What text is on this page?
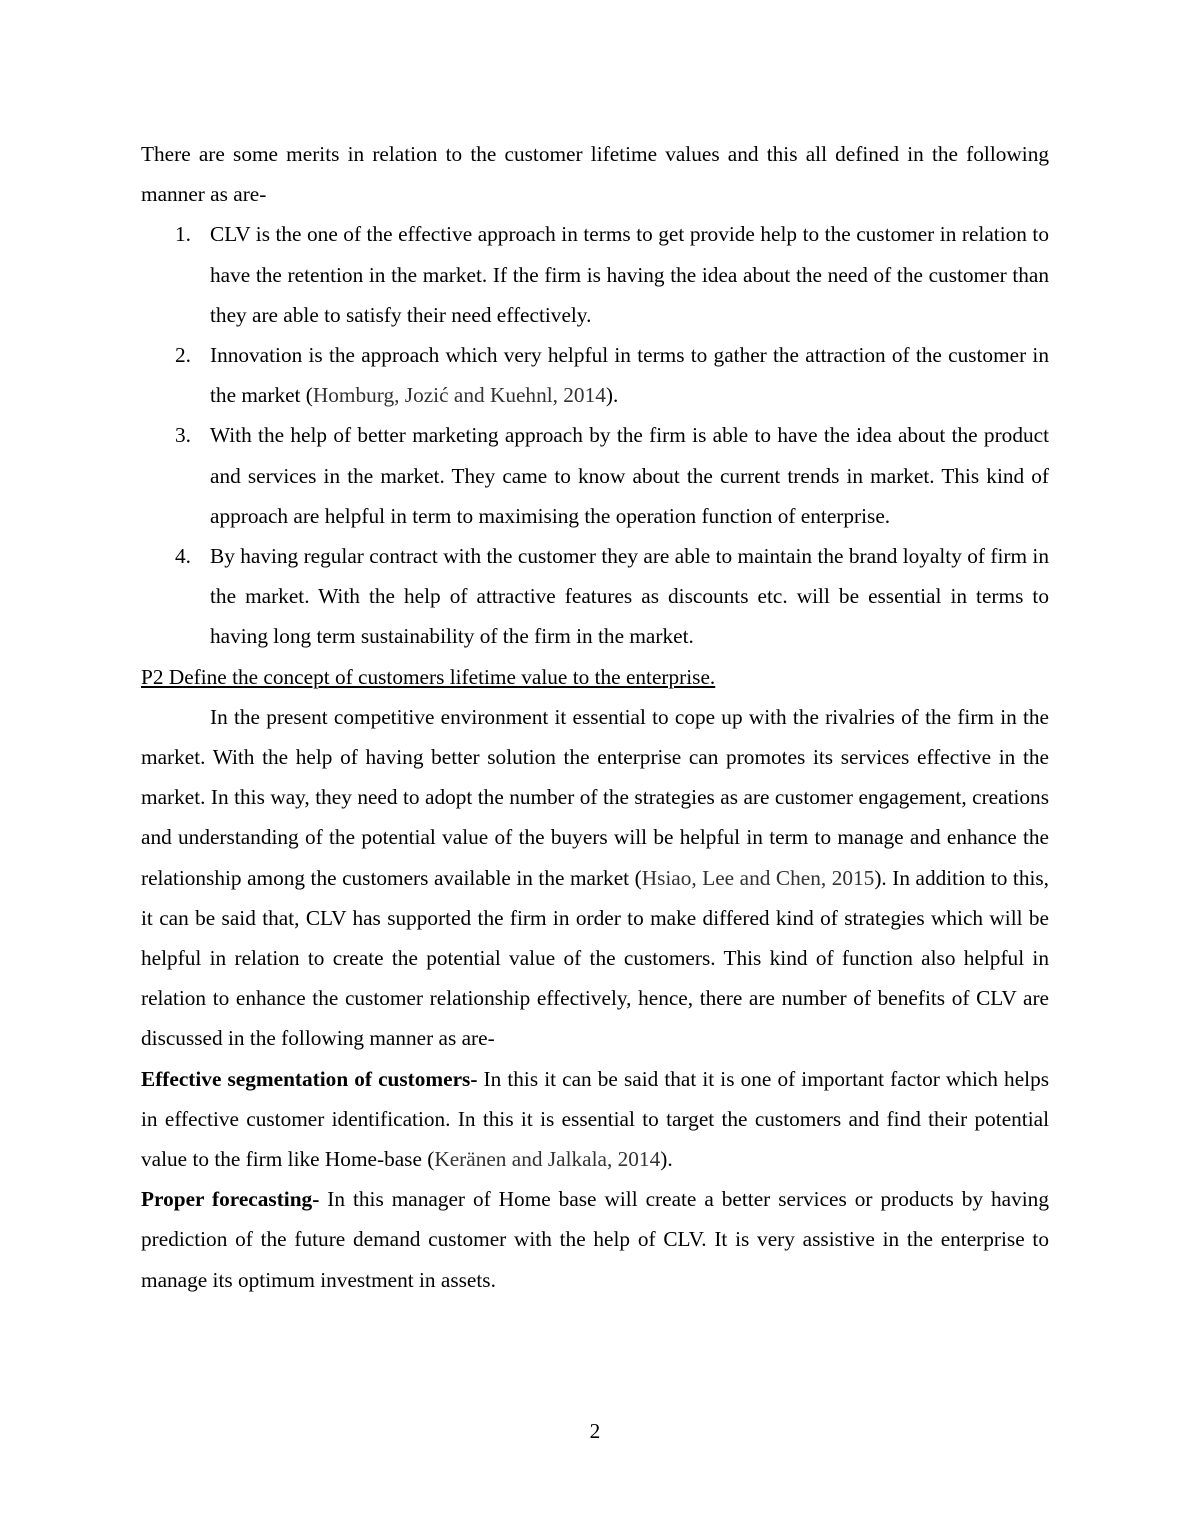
There are some merits in relation to the customer lifetime values and this all defined in the following manner as are-

1. CLV is the one of the effective approach in terms to get provide help to the customer in relation to have the retention in the market. If the firm is having the idea about the need of the customer than they are able to satisfy their need effectively.
2. Innovation is the approach which very helpful in terms to gather the attraction of the customer in the market (Homburg, Jozić and Kuehnl, 2014).
3. With the help of better marketing approach by the firm is able to have the idea about the product and services in the market. They came to know about the current trends in market. This kind of approach are helpful in term to maximising the operation function of enterprise.
4. By having regular contract with the customer they are able to maintain the brand loyalty of firm in the market. With the help of attractive features as discounts etc. will be essential in terms to having long term sustainability of the firm in the market.

P2 Define the concept of customers lifetime value to the enterprise.

In the present competitive environment it essential to cope up with the rivalries of the firm in the market. With the help of having better solution the enterprise can promotes its services effective in the market. In this way, they need to adopt the number of the strategies as are customer engagement, creations and understanding of the potential value of the buyers will be helpful in term to manage and enhance the relationship among the customers available in the market (Hsiao, Lee and Chen, 2015). In addition to this, it can be said that, CLV has supported the firm in order to make differed kind of strategies which will be helpful in relation to create the potential value of the customers. This kind of function also helpful in relation to enhance the customer relationship effectively, hence, there are number of benefits of CLV are discussed in the following manner as are-

Effective segmentation of customers- In this it can be said that it is one of important factor which helps in effective customer identification. In this it is essential to target the customers and find their potential value to the firm like Home-base (Keränen and Jalkala, 2014).

Proper forecasting- In this manager of Home base will create a better services or products by having prediction of the future demand customer with the help of CLV. It is very assistive in the enterprise to manage its optimum investment in assets.

2
